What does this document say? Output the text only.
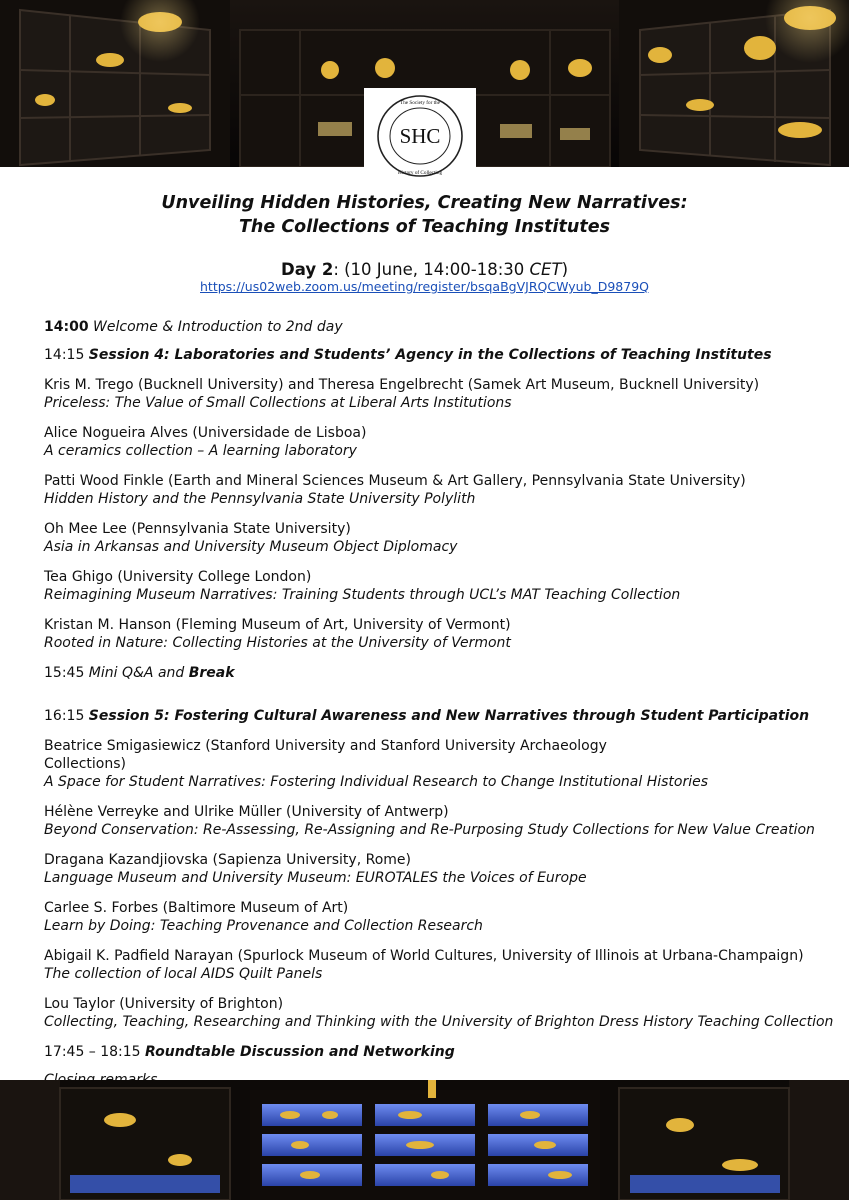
SHC
The Society for the
History of Collecting
Unveiling Hidden Histories, Creating New Narratives:
The Collections of Teaching Institutes
Day 2: (10 June, 14:00-18:30 CET)
https://us02web.zoom.us/meeting/register/bsqaBgVJRQCWyub_D9879Q
14:00 Welcome & Introduction to 2nd day
14:15 Session 4: Laboratories and Students’ Agency in the Collections of Teaching Institutes
Kris M. Trego (Bucknell University) and Theresa Engelbrecht (Samek Art Museum, Bucknell University)
Priceless: The Value of Small Collections at Liberal Arts Institutions
Alice Nogueira Alves (Universidade de Lisboa)
A ceramics collection – A learning laboratory
Patti Wood Finkle (Earth and Mineral Sciences Museum & Art Gallery, Pennsylvania State University)
Hidden History and the Pennsylvania State University Polylith
Oh Mee Lee (Pennsylvania State University)
Asia in Arkansas and University Museum Object Diplomacy
Tea Ghigo (University College London)
Reimagining Museum Narratives: Training Students through UCL’s MAT Teaching Collection
Kristan M. Hanson (Fleming Museum of Art, University of Vermont)
Rooted in Nature: Collecting Histories at the University of Vermont
15:45 Mini Q&A and Break
16:15 Session 5: Fostering Cultural Awareness and New Narratives through Student Participation
Beatrice Smigasiewicz (Stanford University and Stanford University Archaeology
Collections)
A Space for Student Narratives: Fostering Individual Research to Change Institutional Histories
Hélène Verreyke and Ulrike Müller (University of Antwerp)
Beyond Conservation: Re-Assessing, Re-Assigning and Re-Purposing Study Collections for New Value Creation
Dragana Kazandjiovska (Sapienza University, Rome)
Language Museum and University Museum: EUROTALES the Voices of Europe
Carlee S. Forbes (Baltimore Museum of Art)
Learn by Doing: Teaching Provenance and Collection Research
Abigail K. Padfield Narayan (Spurlock Museum of World Cultures, University of Illinois at Urbana-Champaign)
The collection of local AIDS Quilt Panels
Lou Taylor (University of Brighton)
Collecting, Teaching, Researching and Thinking with the University of Brighton Dress History Teaching Collection
17:45 – 18:15 Roundtable Discussion and Networking
